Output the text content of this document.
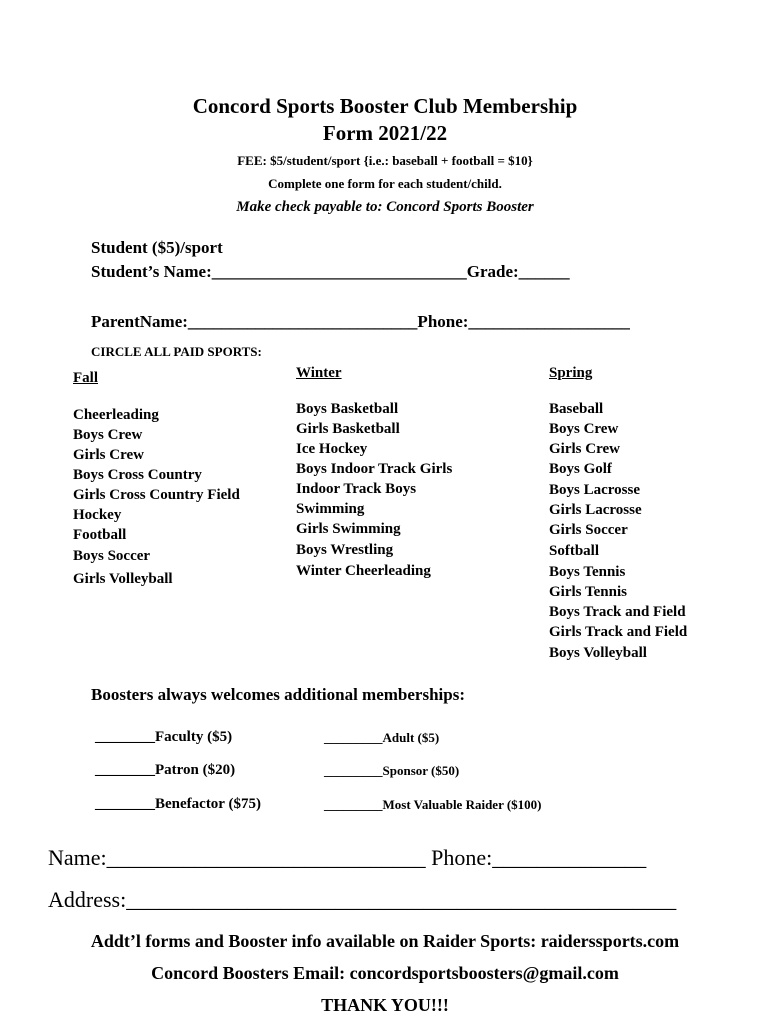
Concord Sports Booster Club Membership
Form 2021/22
FEE: $5/student/sport {i.e.: baseball + football = $10}
Complete one form for each student/child.
Make check payable to: Concord Sports Booster
Student ($5)/sport
Student’s Name:______________________________Grade:______
ParentName:___________________________Phone:___________________
CIRCLE ALL PAID SPORTS:
Fall	Winter	Spring
Cheerleading
Boys Crew
Girls Crew
Boys Cross Country
Girls Cross Country Field
Hockey
Football
Boys Soccer
Girls Volleyball
Boys Basketball
Girls Basketball
Ice Hockey
Boys Indoor Track Girls
Indoor Track Boys
Swimming
Girls Swimming
Boys Wrestling
Winter Cheerleading
Baseball
Boys Crew
Girls Crew
Boys Golf
Boys Lacrosse
Girls Lacrosse
Girls Soccer
Softball
Boys Tennis
Girls Tennis
Boys Track and Field
Girls Track and Field
Boys Volleyball
Boosters always welcomes additional memberships:
________Faculty ($5)
________Patron ($20)
________Benefactor ($75)
_________Adult ($5)
_________Sponsor ($50)
_________Most Valuable Raider ($100)
Name:_____________________________ Phone:______________
Address:__________________________________________________
Addt’l forms and Booster info available on Raider Sports: raiderssports.com
Concord Boosters Email: concordsportsboosters@gmail.com
THANK YOU!!!
